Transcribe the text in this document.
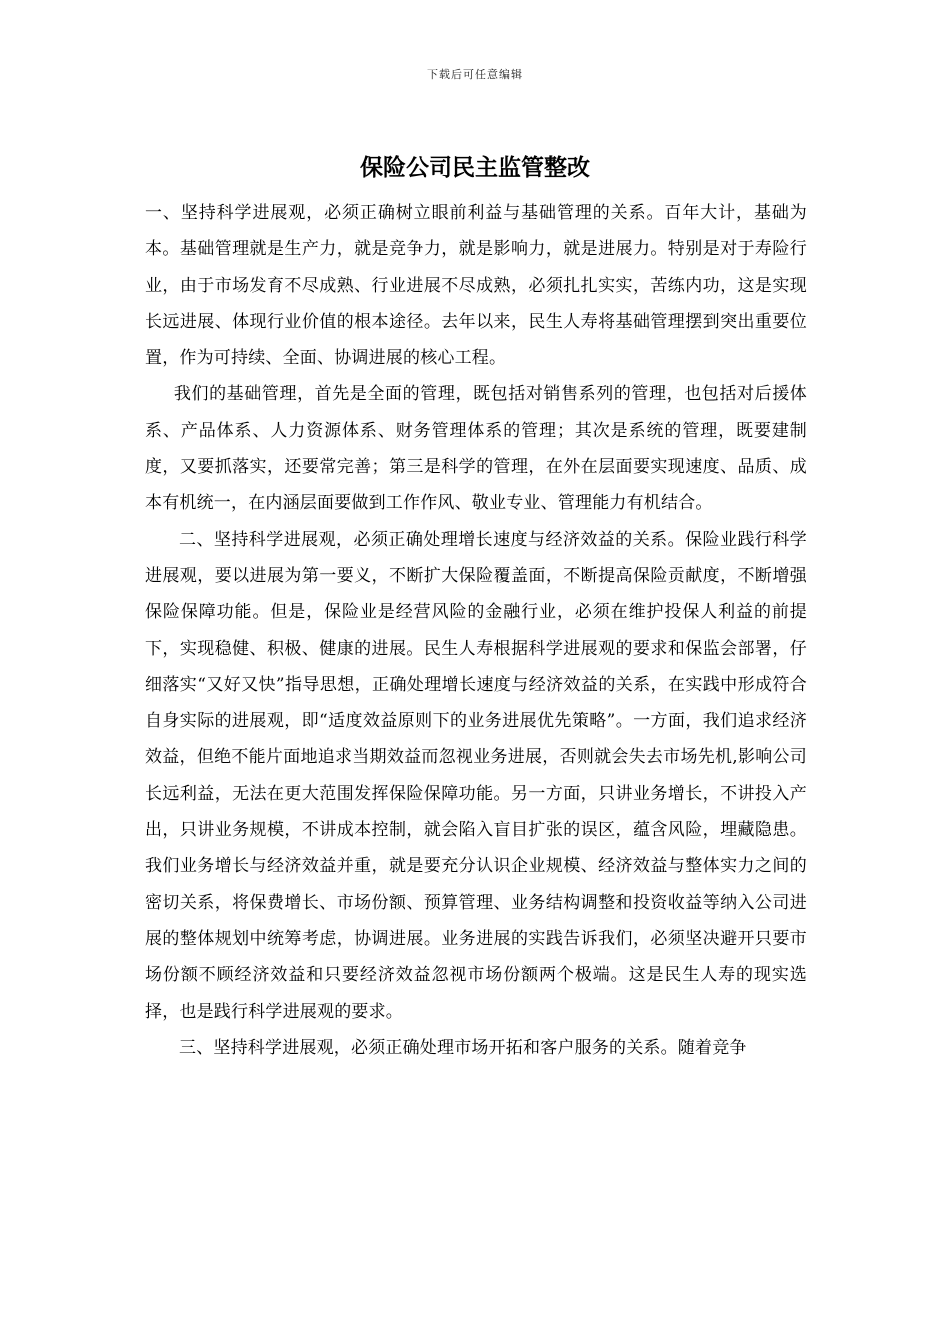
下载后可任意编辑
保险公司民主监管整改

一、坚持科学进展观，必须正确树立眼前利益与基础管理的关系。百年大计，基础为本。基础管理就是生产力，就是竞争力，就是影响力，就是进展力。特别是对于寿险行业，由于市场发育不尽成熟、行业进展不尽成熟，必须扎扎实实，苦练内功，这是实现长远进展、体现行业价值的根本途径。去年以来，民生人寿将基础管理摆到突出重要位置，作为可持续、全面、协调进展的核心工程。

我们的基础管理，首先是全面的管理，既包括对销售系列的管理，也包括对后援体系、产品体系、人力资源体系、财务管理体系的管理；其次是系统的管理，既要建制度，又要抓落实，还要常完善；第三是科学的管理，在外在层面要实现速度、品质、成本有机统一，在内涵层面要做到工作作风、敬业专业、管理能力有机结合。

二、坚持科学进展观，必须正确处理增长速度与经济效益的关系。保险业践行科学进展观，要以进展为第一要义，不断扩大保险覆盖面，不断提高保险贡献度，不断增强保险保障功能。但是，保险业是经营风险的金融行业，必须在维护投保人利益的前提下，实现稳健、积极、健康的进展。民生人寿根据科学进展观的要求和保监会部署，仔细落实“又好又快”指导思想，正确处理增长速度与经济效益的关系，在实践中形成符合自身实际的进展观，即“适度效益原则下的业务进展优先策略”。一方面，我们追求经济效益，但绝不能片面地追求当期效益而忽视业务进展，否则就会失去市场先机,影响公司长远利益，无法在更大范围发挥保险保障功能。另一方面，只讲业务增长，不讲投入产出，只讲业务规模，不讲成本控制，就会陷入盲目扩张的误区，蕴含风险，埋藏隐患。我们业务增长与经济效益并重，就是要充分认识企业规模、经济效益与整体实力之间的密切关系，将保费增长、市场份额、预算管理、业务结构调整和投资收益等纳入公司进展的整体规划中统筹考虑，协调进展。业务进展的实践告诉我们，必须坚决避开只要市场份额不顾经济效益和只要经济效益忽视市场份额两个极端。这是民生人寿的现实选择，也是践行科学进展观的要求。

三、坚持科学进展观，必须正确处理市场开拓和客户服务的关系。随着竞争
